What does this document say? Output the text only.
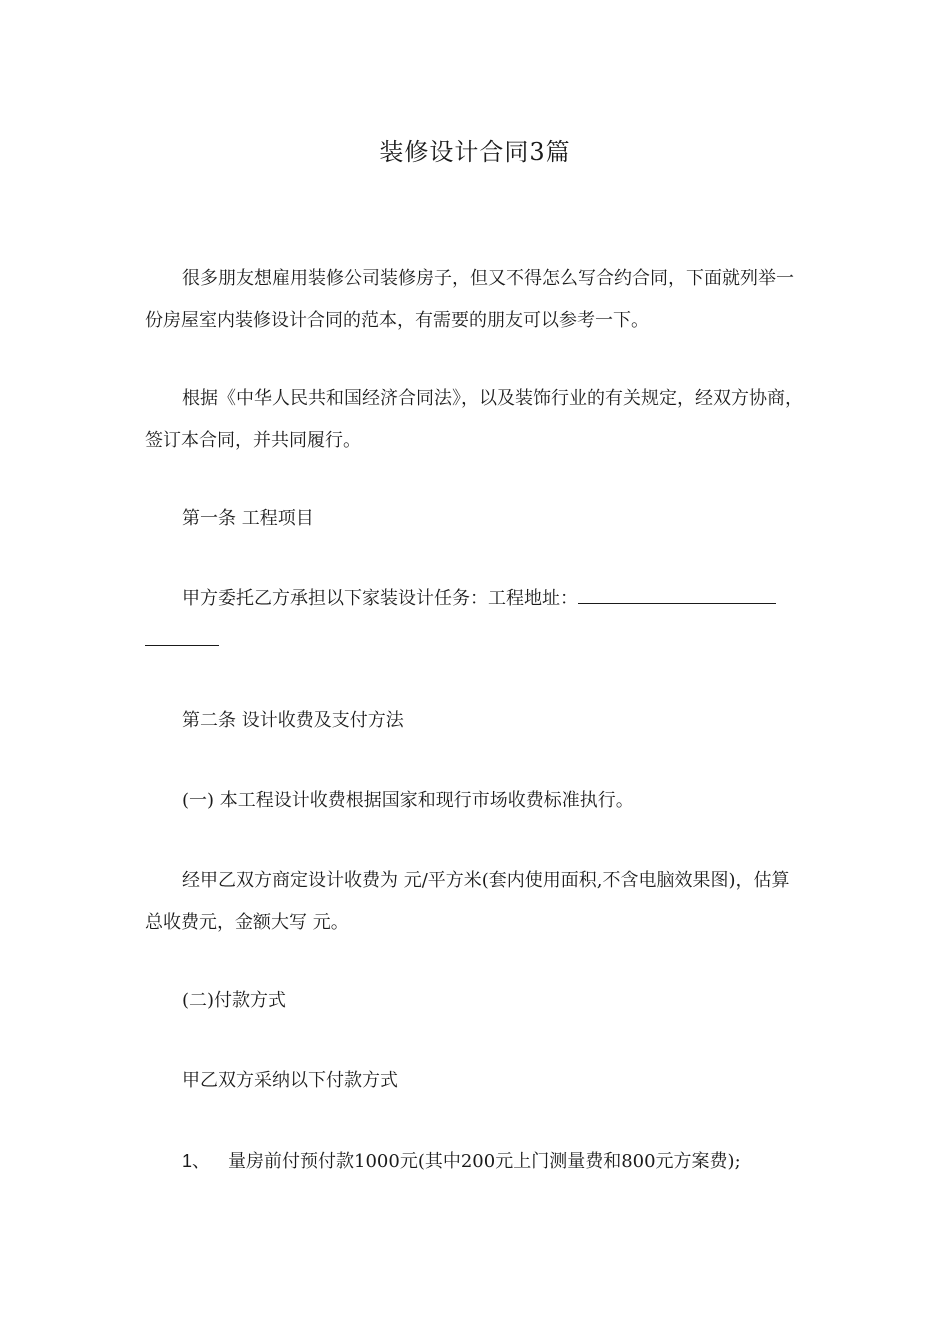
装修设计合同3篇

很多朋友想雇用装修公司装修房子，但又不得怎么写合约合同，下面就列举一份房屋室内装修设计合同的范本，有需要的朋友可以参考一下。

根据《中华人民共和国经济合同法》，以及装饰行业的有关规定，经双方协商，签订本合同，并共同履行。

第一条 工程项目

甲方委托乙方承担以下家装设计任务：工程地址：

第二条 设计收费及支付方法

(一) 本工程设计收费根据国家和现行市场收费标准执行。

经甲乙双方商定设计收费为 元/平方米(套内使用面积,不含电脑效果图)，估算总收费元，金额大写 元。

(二)付款方式

甲乙双方采纳以下付款方式

1、 量房前付预付款1000元(其中200元上门测量费和800元方案费);
